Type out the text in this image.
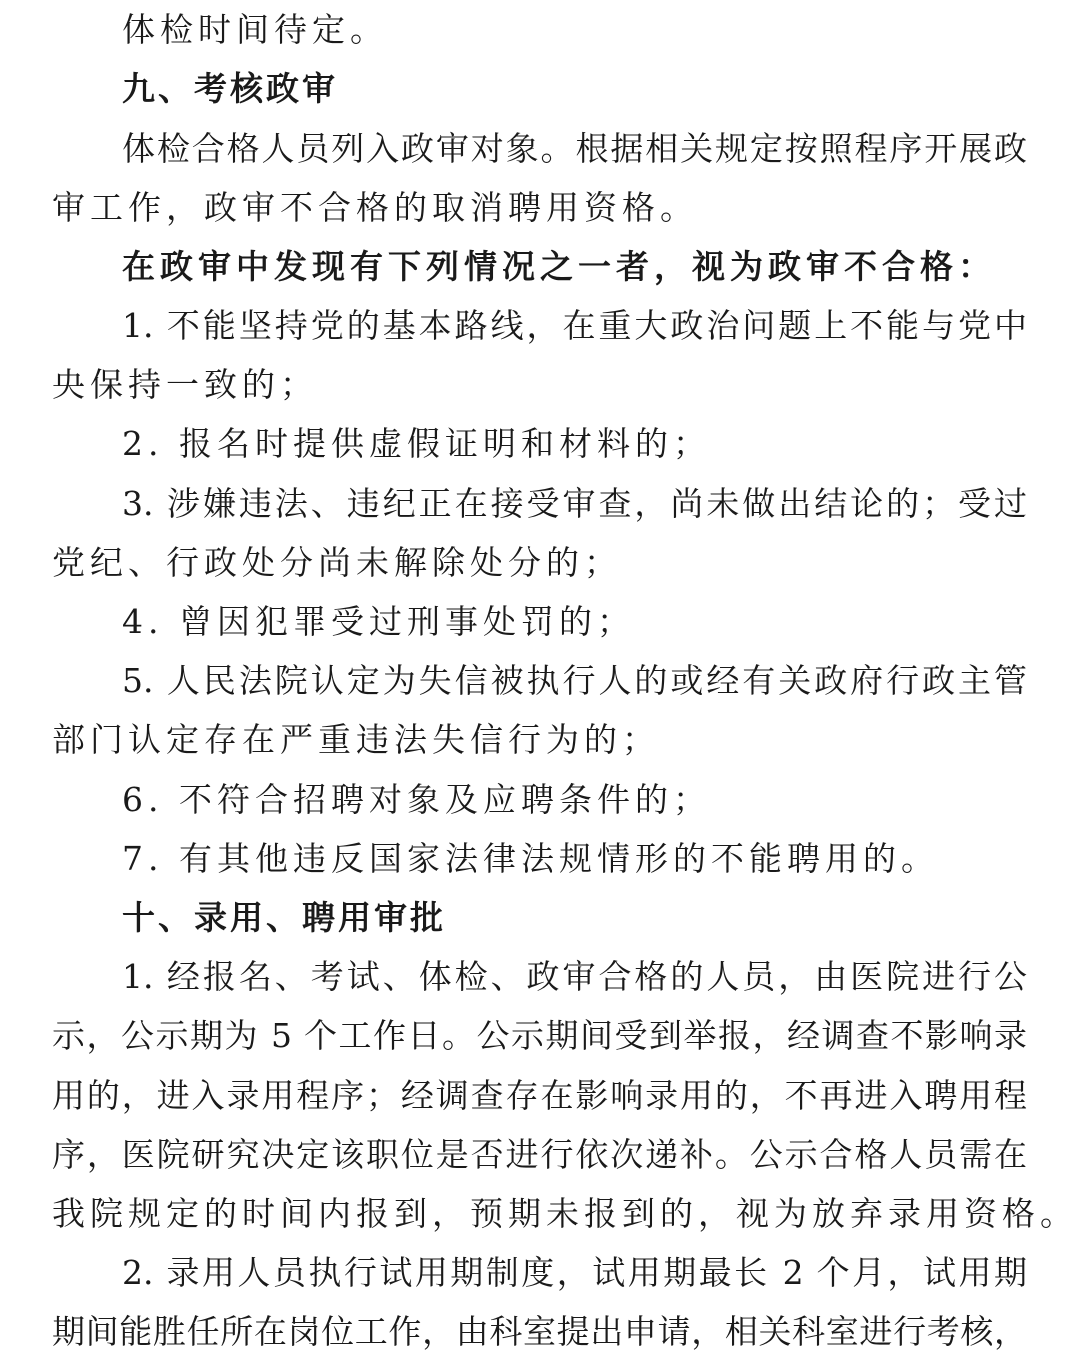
体检时间待定。
九、考核政审
体检合格人员列入政审对象。根据相关规定按照程序开展政
审工作，政审不合格的取消聘用资格。
在政审中发现有下列情况之一者，视为政审不合格：
1. 不能坚持党的基本路线，在重大政治问题上不能与党中
央保持一致的；
2. 报名时提供虚假证明和材料的；
3. 涉嫌违法、违纪正在接受审查，尚未做出结论的；受过
党纪、行政处分尚未解除处分的；
4. 曾因犯罪受过刑事处罚的；
5. 人民法院认定为失信被执行人的或经有关政府行政主管
部门认定存在严重违法失信行为的；
6. 不符合招聘对象及应聘条件的；
7. 有其他违反国家法律法规情形的不能聘用的。
十、录用、聘用审批
1. 经报名、考试、体检、政审合格的人员，由医院进行公
示，公示期为 5 个工作日。公示期间受到举报，经调查不影响录
用的，进入录用程序；经调查存在影响录用的，不再进入聘用程
序，医院研究决定该职位是否进行依次递补。公示合格人员需在
我院规定的时间内报到，预期未报到的，视为放弃录用资格。
2. 录用人员执行试用期制度，试用期最长 2 个月，试用期
期间能胜任所在岗位工作，由科室提出申请，相关科室进行考核，
